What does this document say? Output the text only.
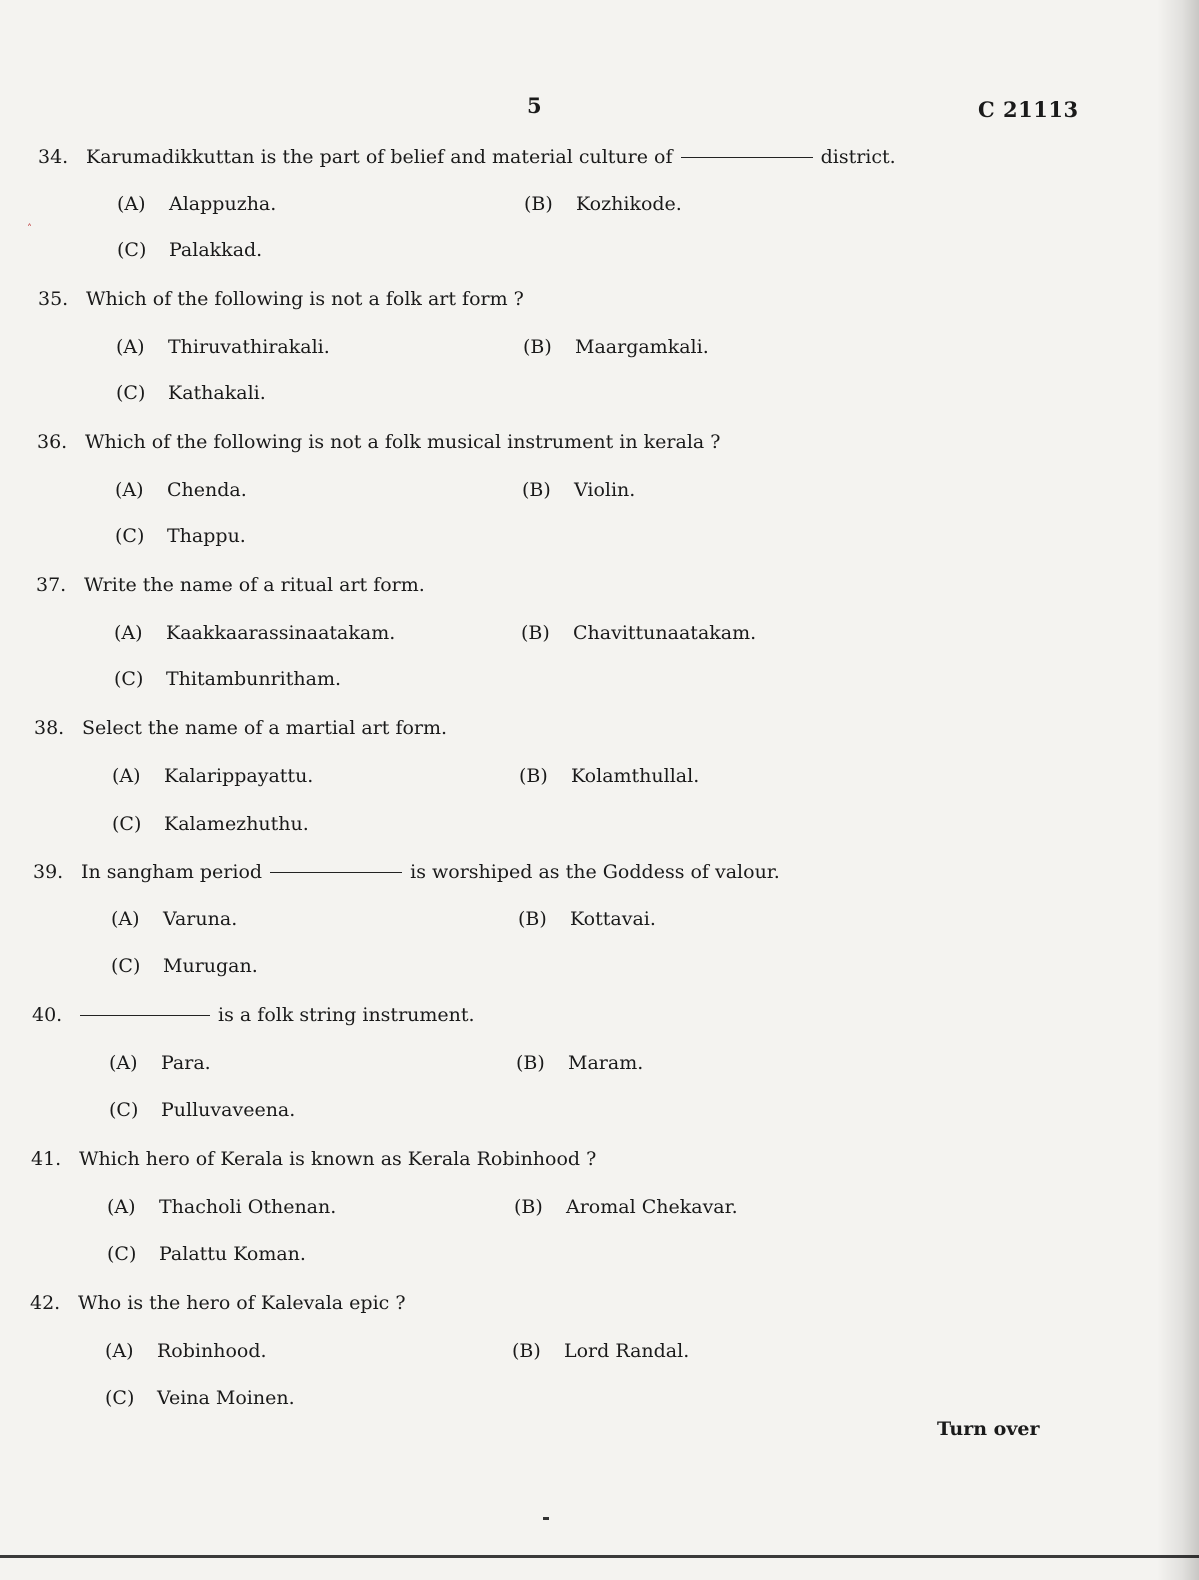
5	C 21113
˄
34. Karumadikkuttan is the part of belief and material culture of	district.
(A) Alappuzha.	(B) Kozhikode.
(C) Palakkad.
35. Which of the following is not a folk art form ?
(A) Thiruvathirakali.	(B) Maargamkali.
(C) Kathakali.
36. Which of the following is not a folk musical instrument in kerala ?
(A) Chenda.	(B) Violin.
(C) Thappu.
37. Write the name of a ritual art form.
(A) Kaakkaarassinaatakam.	(B) Chavittunaatakam.
(C) Thitambunritham.
38. Select the name of a martial art form.
(A) Kalarippayattu.	(B) Kolamthullal.
(C) Kalamezhuthu.
39. In sangham period	is worshiped as the Goddess of valour.
(A) Varuna.	(B) Kottavai.
(C) Murugan.
40.	is a folk string instrument.
(A) Para.	(B) Maram.
(C) Pulluvaveena.
41. Which hero of Kerala is known as Kerala Robinhood ?
(A) Thacholi Othenan.	(B) Aromal Chekavar.
(C) Palattu Koman.
42. Who is the hero of Kalevala epic ?
(A) Robinhood.	(B) Lord Randal.
(C) Veina Moinen.
Turn over
